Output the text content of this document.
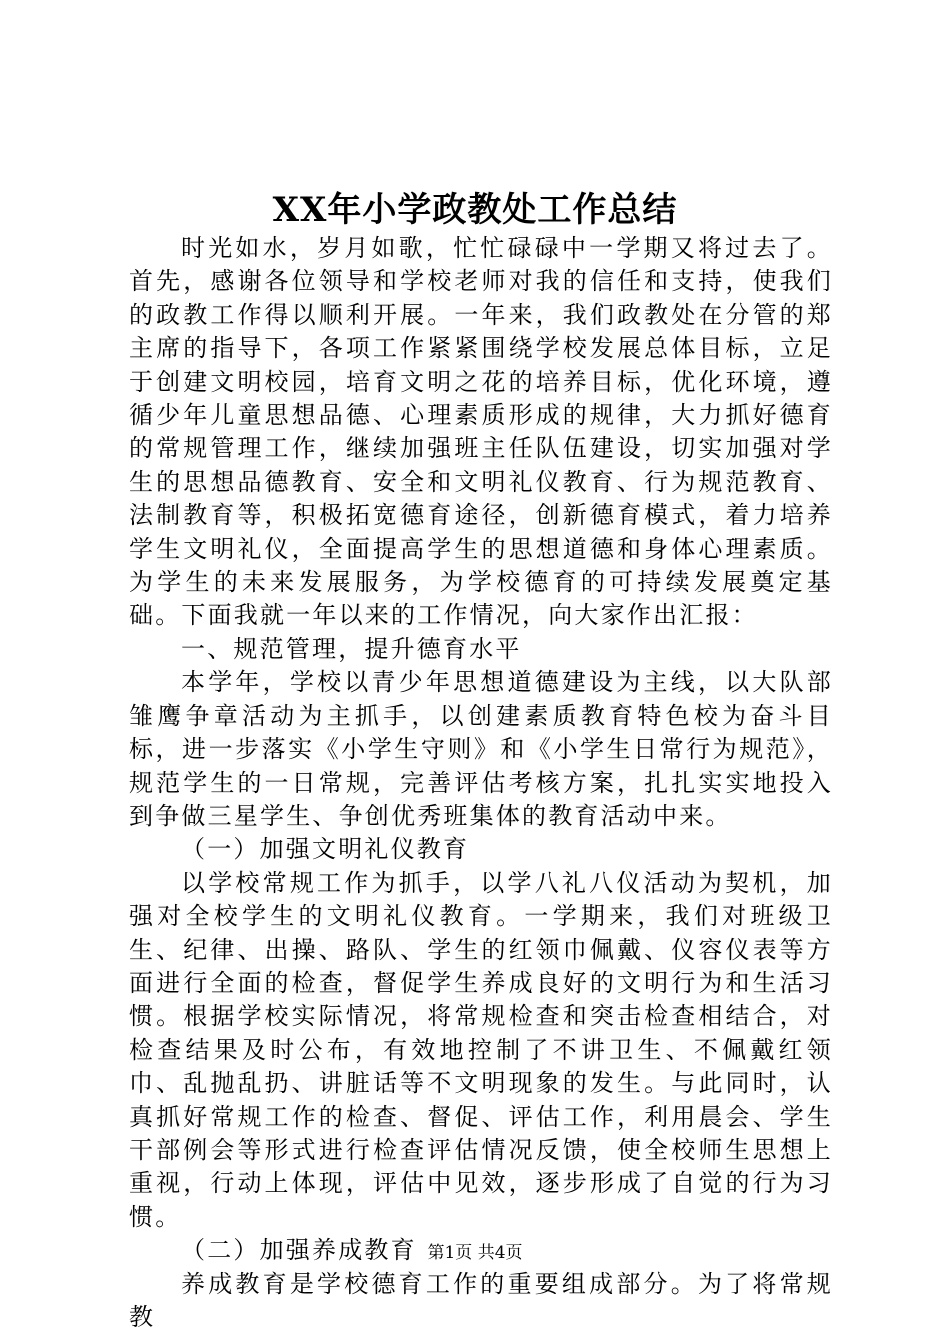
XX年小学政教处工作总结

时光如水，岁月如歌，忙忙碌碌中一学期又将过去了。首先，感谢各位领导和学校老师对我的信任和支持，使我们的政教工作得以顺利开展。一年来，我们政教处在分管的郑主席的指导下，各项工作紧紧围绕学校发展总体目标，立足于创建文明校园，培育文明之花的培养目标，优化环境，遵循少年儿童思想品德、心理素质形成的规律，大力抓好德育的常规管理工作，继续加强班主任队伍建设，切实加强对学生的思想品德教育、安全和文明礼仪教育、行为规范教育、法制教育等，积极拓宽德育途径，创新德育模式，着力培养学生文明礼仪，全面提高学生的思想道德和身体心理素质。为学生的未来发展服务，为学校德育的可持续发展奠定基础。下面我就一年以来的工作情况，向大家作出汇报：

一、规范管理，提升德育水平

本学年，学校以青少年思想道德建设为主线，以大队部雏鹰争章活动为主抓手，以创建素质教育特色校为奋斗目标，进一步落实《小学生守则》和《小学生日常行为规范》，规范学生的一日常规，完善评估考核方案，扎扎实实地投入到争做三星学生、争创优秀班集体的教育活动中来。

（一）加强文明礼仪教育

以学校常规工作为抓手，以学八礼八仪活动为契机，加强对全校学生的文明礼仪教育。一学期来，我们对班级卫生、纪律、出操、路队、学生的红领巾佩戴、仪容仪表等方面进行全面的检查，督促学生养成良好的文明行为和生活习惯。根据学校实际情况，将常规检查和突击检查相结合，对检查结果及时公布，有效地控制了不讲卫生、不佩戴红领巾、乱抛乱扔、讲脏话等不文明现象的发生。与此同时，认真抓好常规工作的检查、督促、评估工作，利用晨会、学生干部例会等形式进行检查评估情况反馈，使全校师生思想上重视，行动上体现，评估中见效，逐步形成了自觉的行为习惯。

（二）加强养成教育

养成教育是学校德育工作的重要组成部分。为了将常规教

第1页 共4页
